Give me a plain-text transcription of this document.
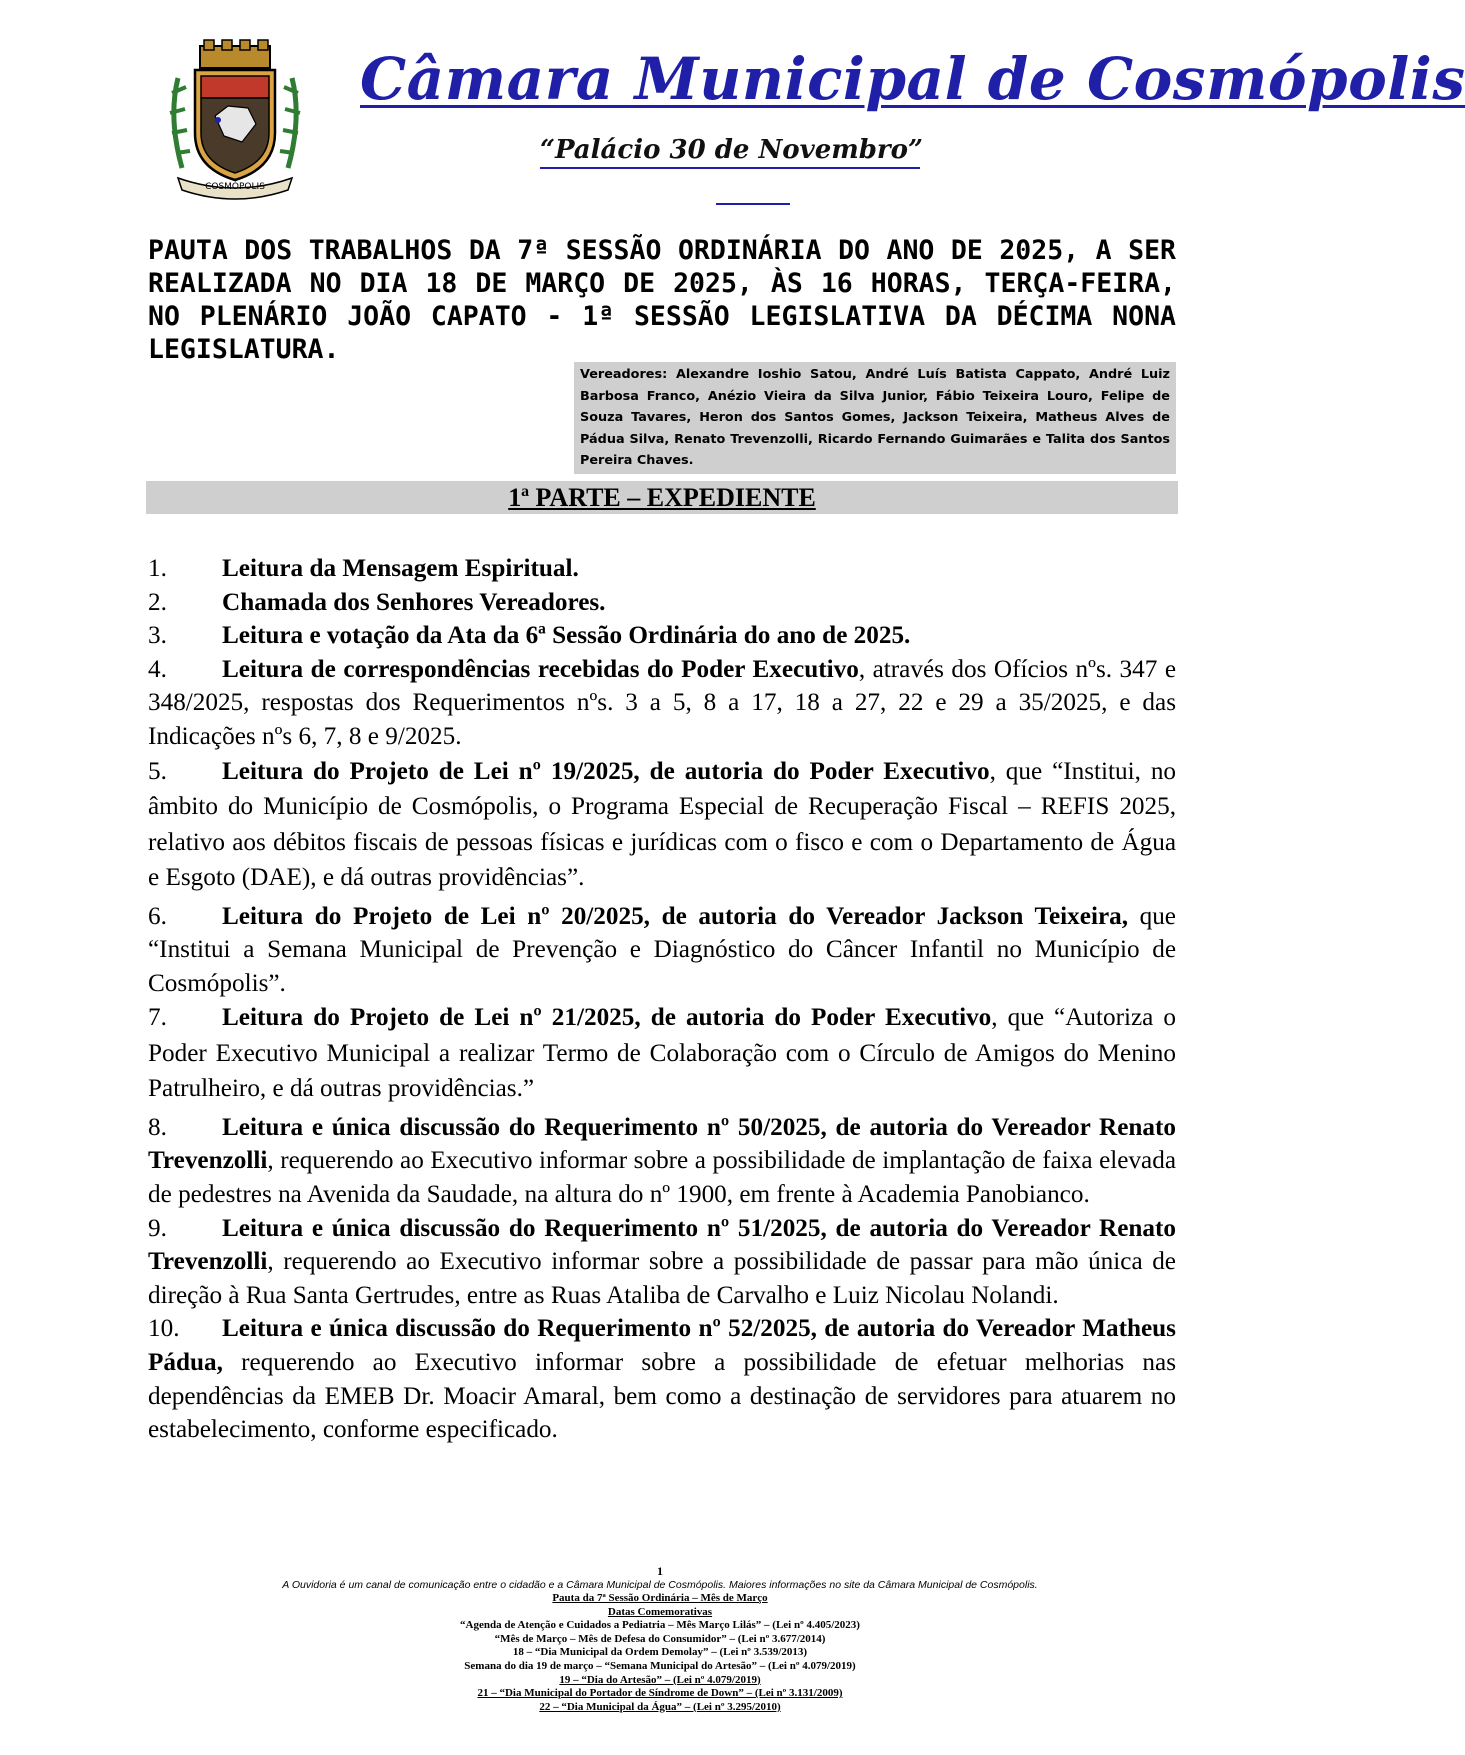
COSMÓPOLIS
Câmara Municipal de Cosmópolis
“Palácio 30 de Novembro”
PAUTA DOS TRABALHOS DA 7ª SESSÃO ORDINÁRIA DO ANO DE 2025, A SER REALIZADA NO DIA 18 DE MARÇO DE 2025, ÀS 16 HORAS, TERÇA-FEIRA, NO PLENÁRIO JOÃO CAPATO - 1ª SESSÃO LEGISLATIVA DA DÉCIMA NONA LEGISLATURA.
Vereadores: Alexandre Ioshio Satou, André Luís Batista Cappato, André Luiz Barbosa Franco, Anézio Vieira da Silva Junior, Fábio Teixeira Louro, Felipe de Souza Tavares, Heron dos Santos Gomes, Jackson Teixeira, Matheus Alves de Pádua Silva, Renato Trevenzolli, Ricardo Fernando Guimarães e Talita dos Santos Pereira Chaves.
1ª PARTE – EXPEDIENTE

1. Leitura da Mensagem Espiritual.

2. Chamada dos Senhores Vereadores.

3. Leitura e votação da Ata da 6ª Sessão Ordinária do ano de 2025.

4. Leitura de correspondências recebidas do Poder Executivo, através dos Ofícios nºs. 347 e 348/2025, respostas dos Requerimentos nºs. 3 a 5, 8 a 17, 18 a 27, 22 e 29 a 35/2025, e das Indicações nºs 6, 7, 8 e 9/2025.

5. Leitura do Projeto de Lei nº 19/2025, de autoria do Poder Executivo, que “Institui, no âmbito do Município de Cosmópolis, o Programa Especial de Recuperação Fiscal – REFIS 2025, relativo aos débitos fiscais de pessoas físicas e jurídicas com o fisco e com o Departamento de Água e Esgoto (DAE), e dá outras providências”.

6. Leitura do Projeto de Lei nº 20/2025, de autoria do Vereador Jackson Teixeira, que “Institui a Semana Municipal de Prevenção e Diagnóstico do Câncer Infantil no Município de Cosmópolis”.

7. Leitura do Projeto de Lei nº 21/2025, de autoria do Poder Executivo, que “Autoriza o Poder Executivo Municipal a realizar Termo de Colaboração com o Círculo de Amigos do Menino Patrulheiro, e dá outras providências.”

8. Leitura e única discussão do Requerimento nº 50/2025, de autoria do Vereador Renato Trevenzolli, requerendo ao Executivo informar sobre a possibilidade de implantação de faixa elevada de pedestres na Avenida da Saudade, na altura do nº 1900, em frente à Academia Panobianco.

9. Leitura e única discussão do Requerimento nº 51/2025, de autoria do Vereador Renato Trevenzolli, requerendo ao Executivo informar sobre a possibilidade de passar para mão única de direção à Rua Santa Gertrudes, entre as Ruas Ataliba de Carvalho e Luiz Nicolau Nolandi.

10. Leitura e única discussão do Requerimento nº 52/2025, de autoria do Vereador Matheus Pádua, requerendo ao Executivo informar sobre a possibilidade de efetuar melhorias nas dependências da EMEB Dr. Moacir Amaral, bem como a destinação de servidores para atuarem no estabelecimento, conforme especificado.

1
A Ouvidoria é um canal de comunicação entre o cidadão e a Câmara Municipal de Cosmópolis. Maiores informações no site da Câmara Municipal de Cosmópolis.
Pauta da 7ª Sessão Ordinária – Mês de Março
Datas Comemorativas
“Agenda de Atenção e Cuidados a Pediatria – Mês Março Lilás” – (Lei nº 4.405/2023)
“Mês de Março – Mês de Defesa do Consumidor” – (Lei nº 3.677/2014)
18 – “Dia Municipal da Ordem Demolay” – (Lei nº 3.539/2013)
Semana do dia 19 de março – “Semana Municipal do Artesão” – (Lei nº 4.079/2019)
19 – “Dia do Artesão” – (Lei nº 4.079/2019)
21 – “Dia Municipal do Portador de Síndrome de Down” – (Lei nº 3.131/2009)
22 – “Dia Municipal da Água” – (Lei nº 3.295/2010)
